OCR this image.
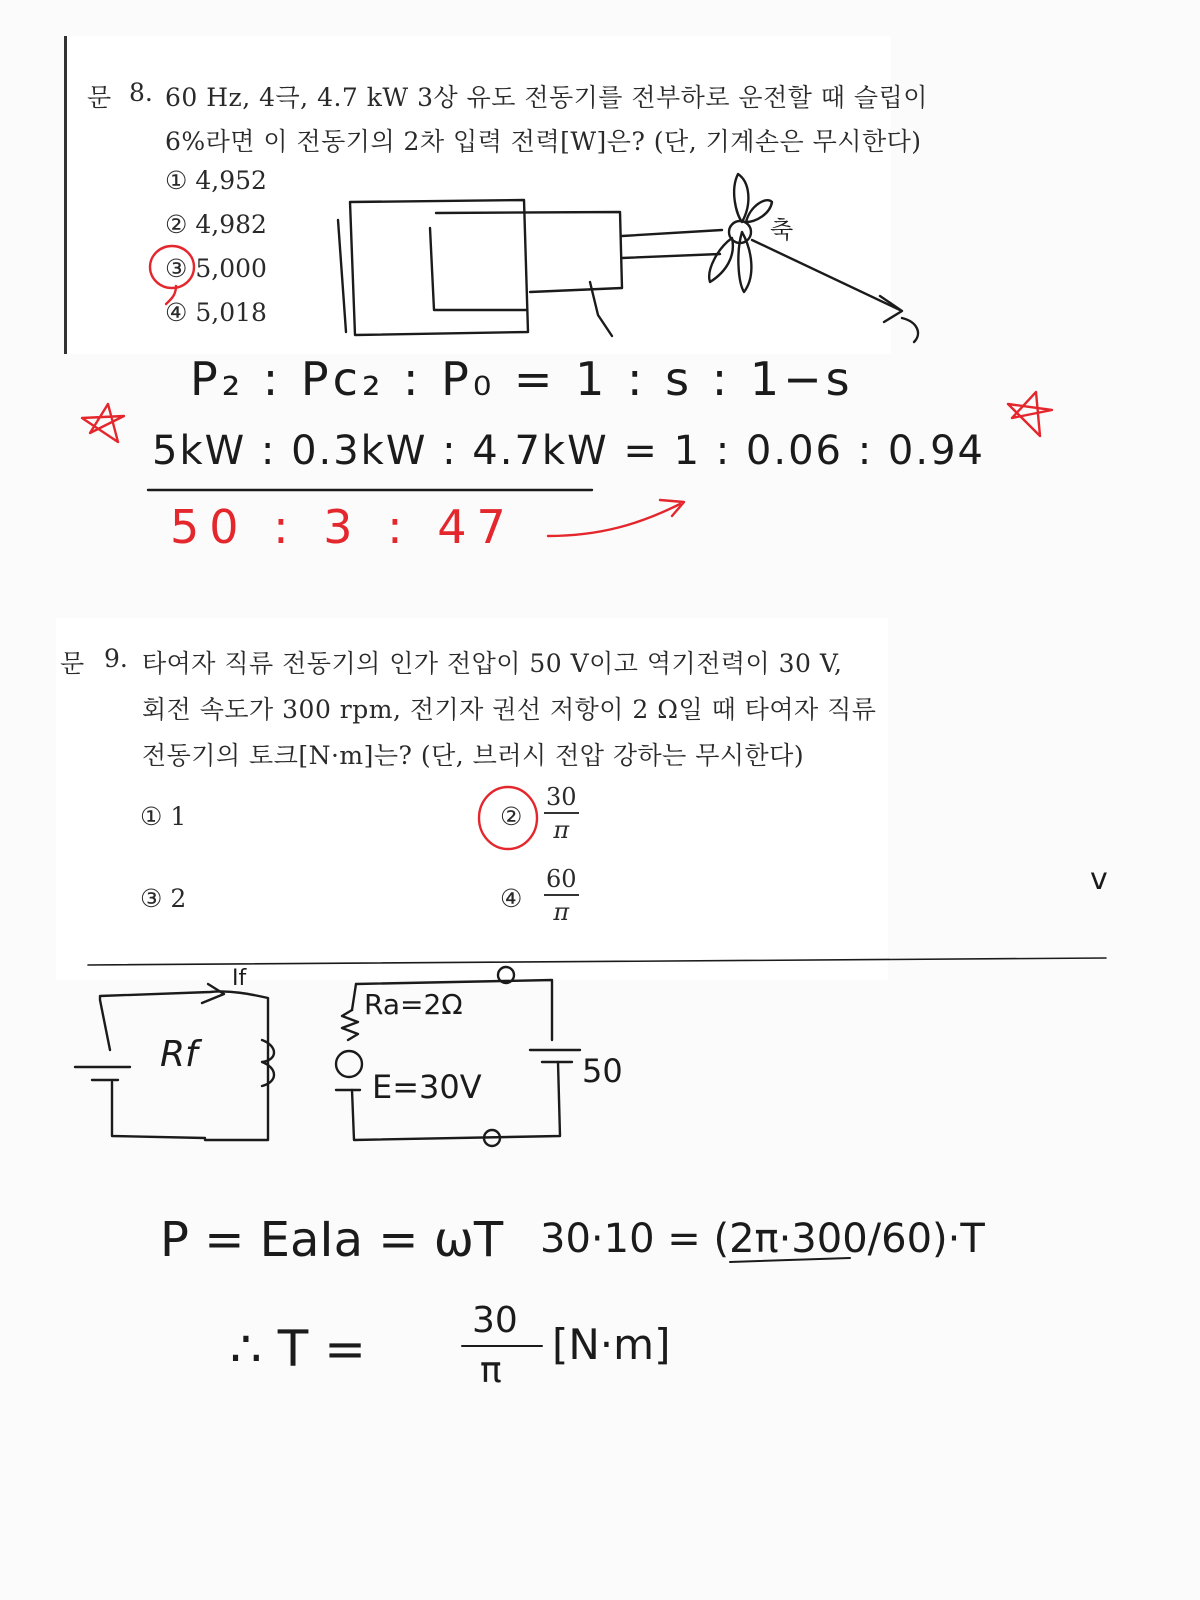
문 8. 60 Hz, 4극, 4.7 kW 3상 유도 전동기를 전부하로 운전할 때 슬립이
6%라면 이 전동기의 2차 입력 전력[W]은? (단, 기계손은 무시한다)
① 4,952
② 4,982
③ 5,000
④ 5,018
문 9. 타여자 직류 전동기의 인가 전압이 50 V이고 역기전력이 30 V,
회전 속도가 300 rpm, 전기자 권선 저항이 2 Ω일 때 타여자 직류
전동기의 토크[N·m]는? (단, 브러시 전압 강하는 무시한다)
① 1	② $\frac{30}{\pi}$
③ 2	④ $\frac{60}{\pi}$
축
P₂ : Pc₂ : P₀ = 1 : s : 1−s
5kW : 0.3kW : 4.7kW = 1 : 0.06 : 0.94
50 : 3 : 47
If
Rf
Ra=2Ω
E=30V	50
v
P = EaIa = ωT 30·10 = (2π·300/60)·T
∴ T =	30
π
[N·m]
